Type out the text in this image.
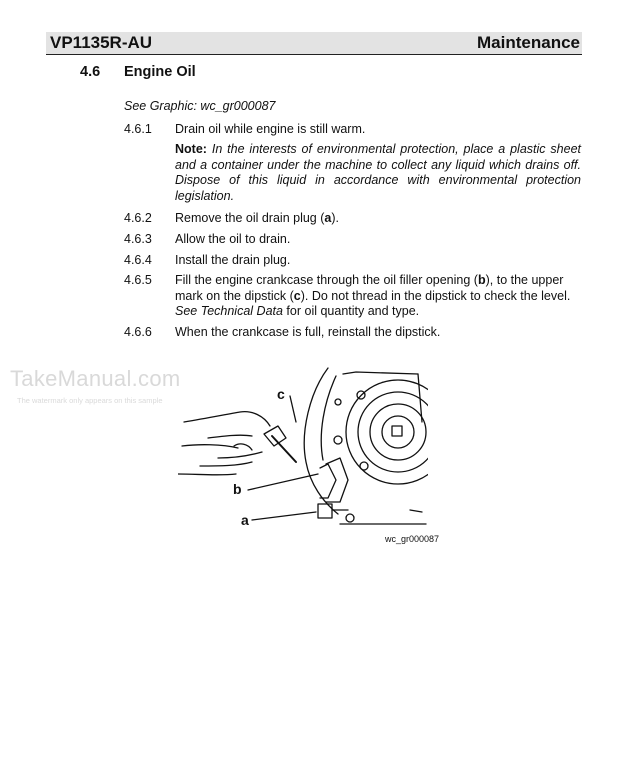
VP1135R-AU	Maintenance
4.6 Engine Oil
See Graphic: wc_gr000087
4.6.1 Drain oil while engine is still warm.
Note: In the interests of environmental protection, place a plastic sheet and a container under the machine to collect any liquid which drains off. Dispose of this liquid in accordance with environmental protection legislation.
4.6.2 Remove the oil drain plug (a).
4.6.3 Allow the oil to drain.
4.6.4 Install the drain plug.
4.6.5 Fill the engine crankcase through the oil filler opening (b), to the upper mark on the dipstick (c). Do not thread in the dipstick to check the level. See Technical Data for oil quantity and type.
4.6.6 When the crankcase is full, reinstall the dipstick.
TakeManual.com
The watermark only appears on this sample	c
b
a
wc_gr000087
